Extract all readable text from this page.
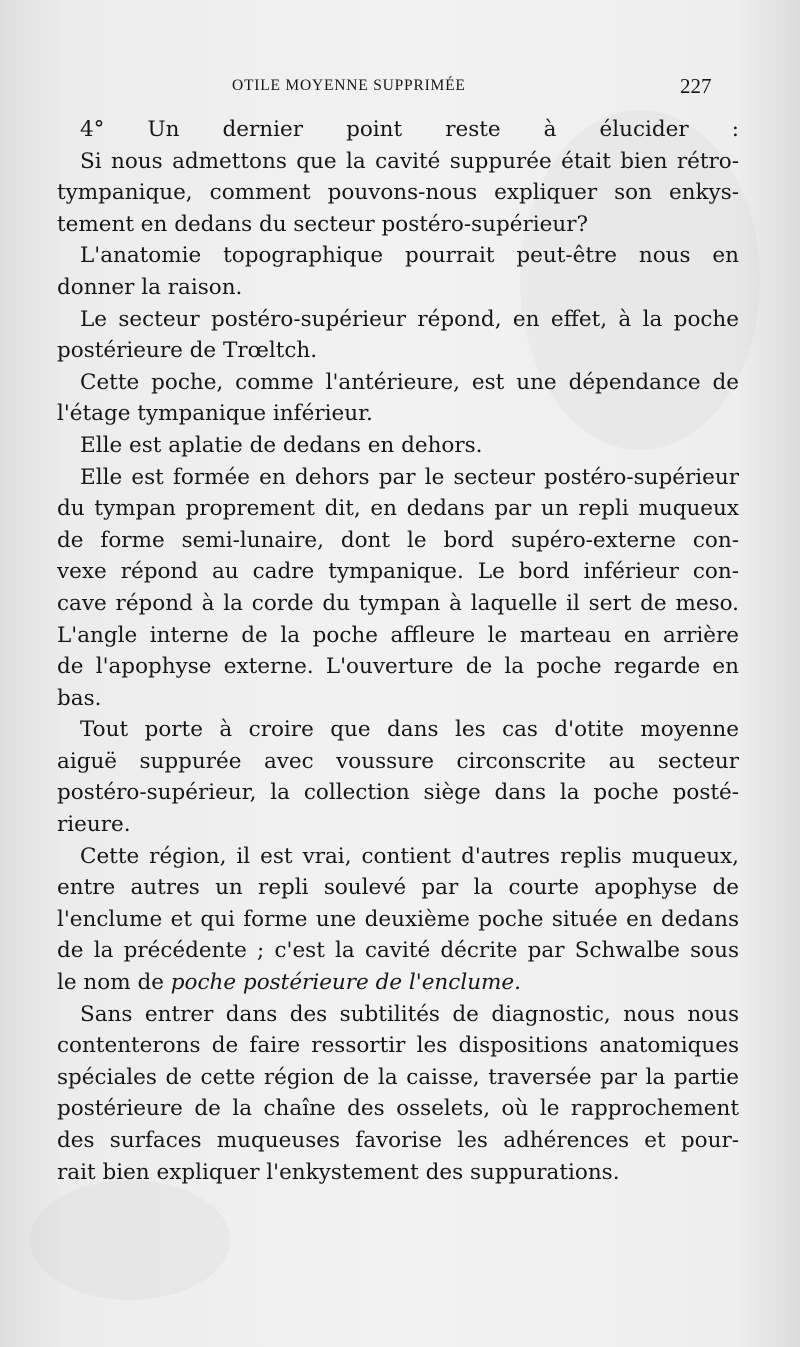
OTILE MOYENNE SUPPRIMÉE	227
4° Un dernier point reste à élucider :
Si nous admettons que la cavité suppurée était bien rétro-
tympanique, comment pouvons-nous expliquer son enkys-
tement en dedans du secteur postéro-supérieur?
L'anatomie topographique pourrait peut-être nous en
donner la raison.
Le secteur postéro-supérieur répond, en effet, à la poche
postérieure de Trœltch.
Cette poche, comme l'antérieure, est une dépendance de
l'étage tympanique inférieur.
Elle est aplatie de dedans en dehors.
Elle est formée en dehors par le secteur postéro-supérieur
du tympan proprement dit, en dedans par un repli muqueux
de forme semi-lunaire, dont le bord supéro-externe con-
vexe répond au cadre tympanique. Le bord inférieur con-
cave répond à la corde du tympan à laquelle il sert de meso.
L'angle interne de la poche affleure le marteau en arrière
de l'apophyse externe. L'ouverture de la poche regarde en
bas.
Tout porte à croire que dans les cas d'otite moyenne
aiguë suppurée avec voussure circonscrite au secteur
postéro-supérieur, la collection siège dans la poche posté-
rieure.
Cette région, il est vrai, contient d'autres replis muqueux,
entre autres un repli soulevé par la courte apophyse de
l'enclume et qui forme une deuxième poche située en dedans
de la précédente ; c'est la cavité décrite par Schwalbe sous
le nom de poche postérieure de l'enclume.
Sans entrer dans des subtilités de diagnostic, nous nous
contenterons de faire ressortir les dispositions anatomiques
spéciales de cette région de la caisse, traversée par la partie
postérieure de la chaîne des osselets, où le rapprochement
des surfaces muqueuses favorise les adhérences et pour-
rait bien expliquer l'enkystement des suppurations.
